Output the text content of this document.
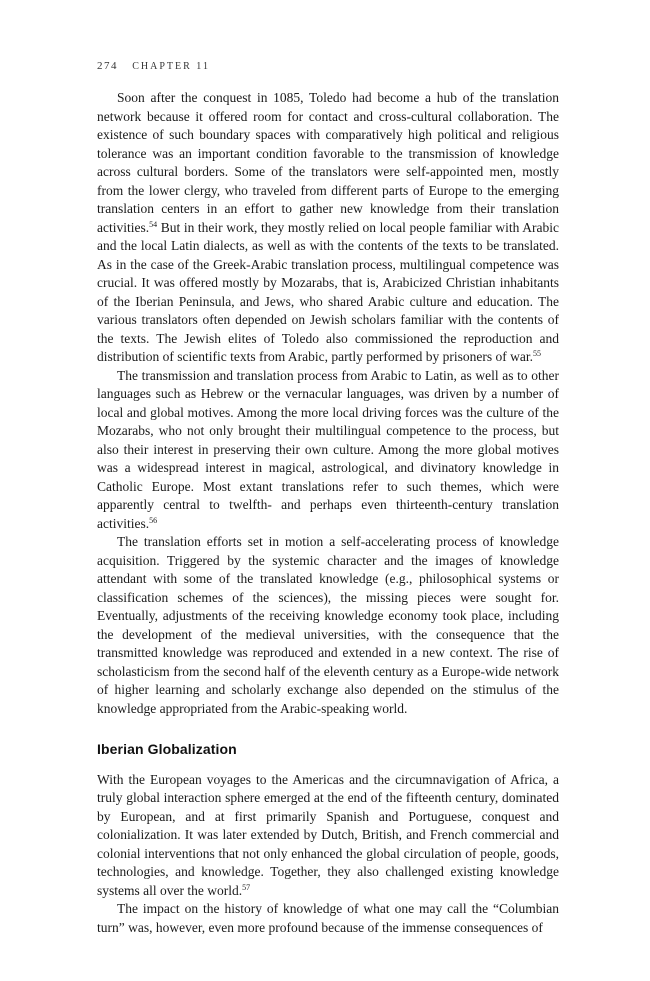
274 CHAPTER 11

Soon after the conquest in 1085, Toledo had become a hub of the translation network because it offered room for contact and cross-cultural collaboration. The existence of such boundary spaces with comparatively high political and religious tolerance was an important condition favorable to the transmission of knowledge across cultural borders. Some of the translators were self-appointed men, mostly from the lower clergy, who traveled from different parts of Europe to the emerging translation centers in an effort to gather new knowledge from their translation activities.$^{54}$ But in their work, they mostly relied on local people familiar with Arabic and the local Latin dialects, as well as with the contents of the texts to be translated. As in the case of the Greek-Arabic translation process, multilingual competence was crucial. It was offered mostly by Mozarabs, that is, Arabicized Christian inhabitants of the Iberian Peninsula, and Jews, who shared Arabic culture and education. The various translators often depended on Jewish scholars familiar with the contents of the texts. The Jewish elites of Toledo also commissioned the reproduction and distribution of scientific texts from Arabic, partly performed by prisoners of war.$^{55}$

The transmission and translation process from Arabic to Latin, as well as to other languages such as Hebrew or the vernacular languages, was driven by a number of local and global motives. Among the more local driving forces was the culture of the Mozarabs, who not only brought their multilingual competence to the process, but also their interest in preserving their own culture. Among the more global motives was a widespread interest in magical, astrological, and divinatory knowledge in Catholic Europe. Most extant translations refer to such themes, which were apparently central to twelfth- and perhaps even thirteenth-century translation activities.$^{56}$

The translation efforts set in motion a self-accelerating process of knowledge acquisition. Triggered by the systemic character and the images of knowledge attendant with some of the translated knowledge (e.g., philosophical systems or classification schemes of the sciences), the missing pieces were sought for. Eventually, adjustments of the receiving knowledge economy took place, including the development of the medieval universities, with the consequence that the transmitted knowledge was reproduced and extended in a new context. The rise of scholasticism from the second half of the eleventh century as a Europe-wide network of higher learning and scholarly exchange also depended on the stimulus of the knowledge appropriated from the Arabic-speaking world.

Iberian Globalization

With the European voyages to the Americas and the circumnavigation of Africa, a truly global interaction sphere emerged at the end of the fifteenth century, dominated by European, and at first primarily Spanish and Portuguese, conquest and colonialization. It was later extended by Dutch, British, and French commercial and colonial interventions that not only enhanced the global circulation of people, goods, technologies, and knowledge. Together, they also challenged existing knowledge systems all over the world.$^{57}$

The impact on the history of knowledge of what one may call the “Columbian turn” was, however, even more profound because of the immense consequences of
